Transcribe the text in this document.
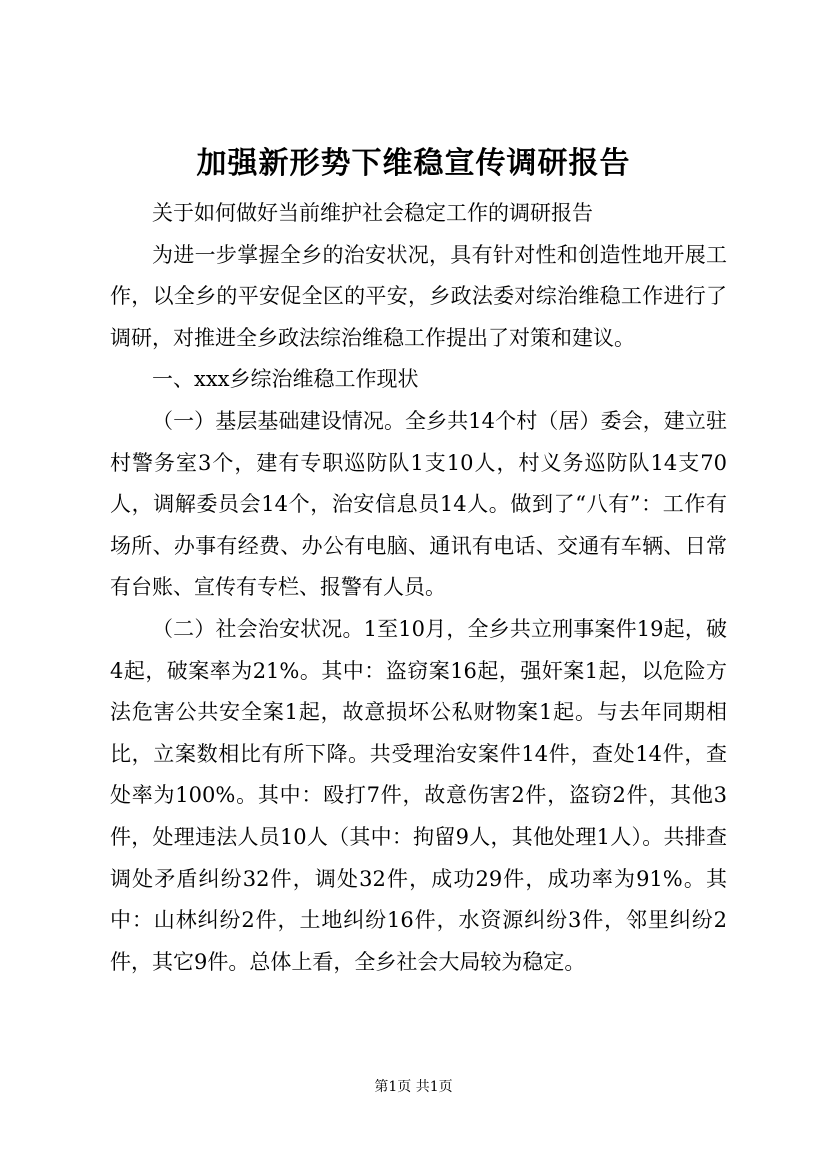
加强新形势下维稳宣传调研报告

关于如何做好当前维护社会稳定工作的调研报告

为进一步掌握全乡的治安状况，具有针对性和创造性地开展工作，以全乡的平安促全区的平安，乡政法委对综治维稳工作进行了调研，对推进全乡政法综治维稳工作提出了对策和建议。

一、xxx乡综治维稳工作现状

（一）基层基础建设情况。全乡共14个村（居）委会，建立驻村警务室3个，建有专职巡防队1支10人，村义务巡防队14支70人，调解委员会14个，治安信息员14人。做到了“八有”：工作有场所、办事有经费、办公有电脑、通讯有电话、交通有车辆、日常有台账、宣传有专栏、报警有人员。

（二）社会治安状况。1至10月，全乡共立刑事案件19起，破4起，破案率为21%。其中：盗窃案16起，强奸案1起，以危险方法危害公共安全案1起，故意损坏公私财物案1起。与去年同期相比，立案数相比有所下降。共受理治安案件14件，查处14件，查处率为100%。其中：殴打7件，故意伤害2件，盗窃2件，其他3件，处理违法人员10人（其中：拘留9人，其他处理1人）。共排查调处矛盾纠纷32件，调处32件，成功29件，成功率为91%。其中：山林纠纷2件，土地纠纷16件，水资源纠纷3件，邻里纠纷2件，其它9件。总体上看，全乡社会大局较为稳定。

第1页 共1页
